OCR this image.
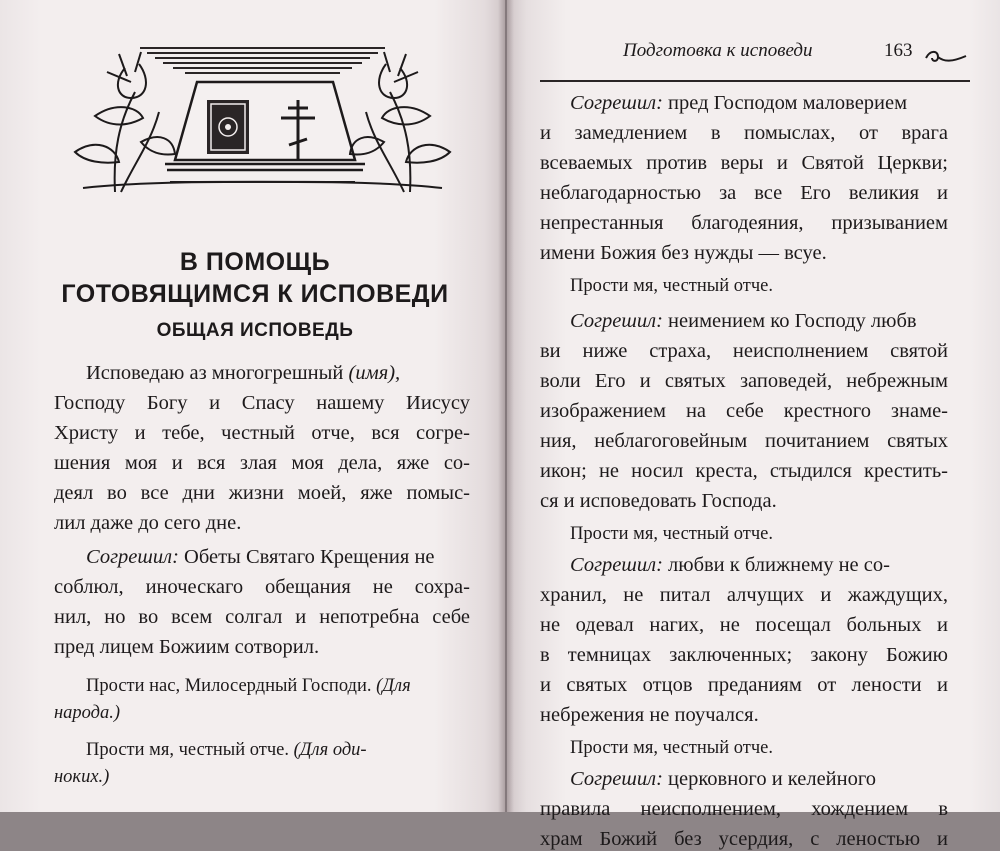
В ПОМОЩЬ
ГОТОВЯЩИМСЯ К ИСПОВЕДИ
ОБЩАЯ ИСПОВЕДЬ

Исповедаю аз многогрешный (имя),

Господу Богу и Спасу нашему Иисусу

Христу и тебе, честный отче, вся согре-

шения моя и вся злая моя дела, яже со-

деял во все дни жизни моей, яже помыс-

лил даже до сего дне.

Согрешил: Обеты Святаго Крещения не

соблюл, иноческаго обещания не сохра-

нил, но во всем солгал и непотребна себе

пред лицем Божиим сотворил.

Прости нас, Милосердный Господи. (Для

народа.)

Прости мя, честный отче. (Для оди-

ноких.)

Подготовка к исповеди	163

Согрешил: пред Господом маловерием

и замедлением в помыслах, от врага

всеваемых против веры и Святой Церкви;

неблагодарностью за все Его великия и

непрестанныя благодеяния, призыванием

имени Божия без нужды — всуе.

Прости мя, честный отче.

Согрешил: неимением ко Господу любв

ви ниже страха, неисполнением святой

воли Его и святых заповедей, небрежным

изображением на себе крестного знаме-

ния, неблагоговейным почитанием святых

икон; не носил креста, стыдился крестить-

ся и исповедовать Господа.

Прости мя, честный отче.

Согрешил: любви к ближнему не со-

хранил, не питал алчущих и жаждущих,

не одевал нагих, не посещал больных и

в темницах заключенных; закону Божию

и святых отцов преданиям от лености и

небрежения не поучался.

Прости мя, честный отче.

Согрешил: церковного и келейного

правила неисполнением, хождением в

храм Божий без усердия, с леностью и
